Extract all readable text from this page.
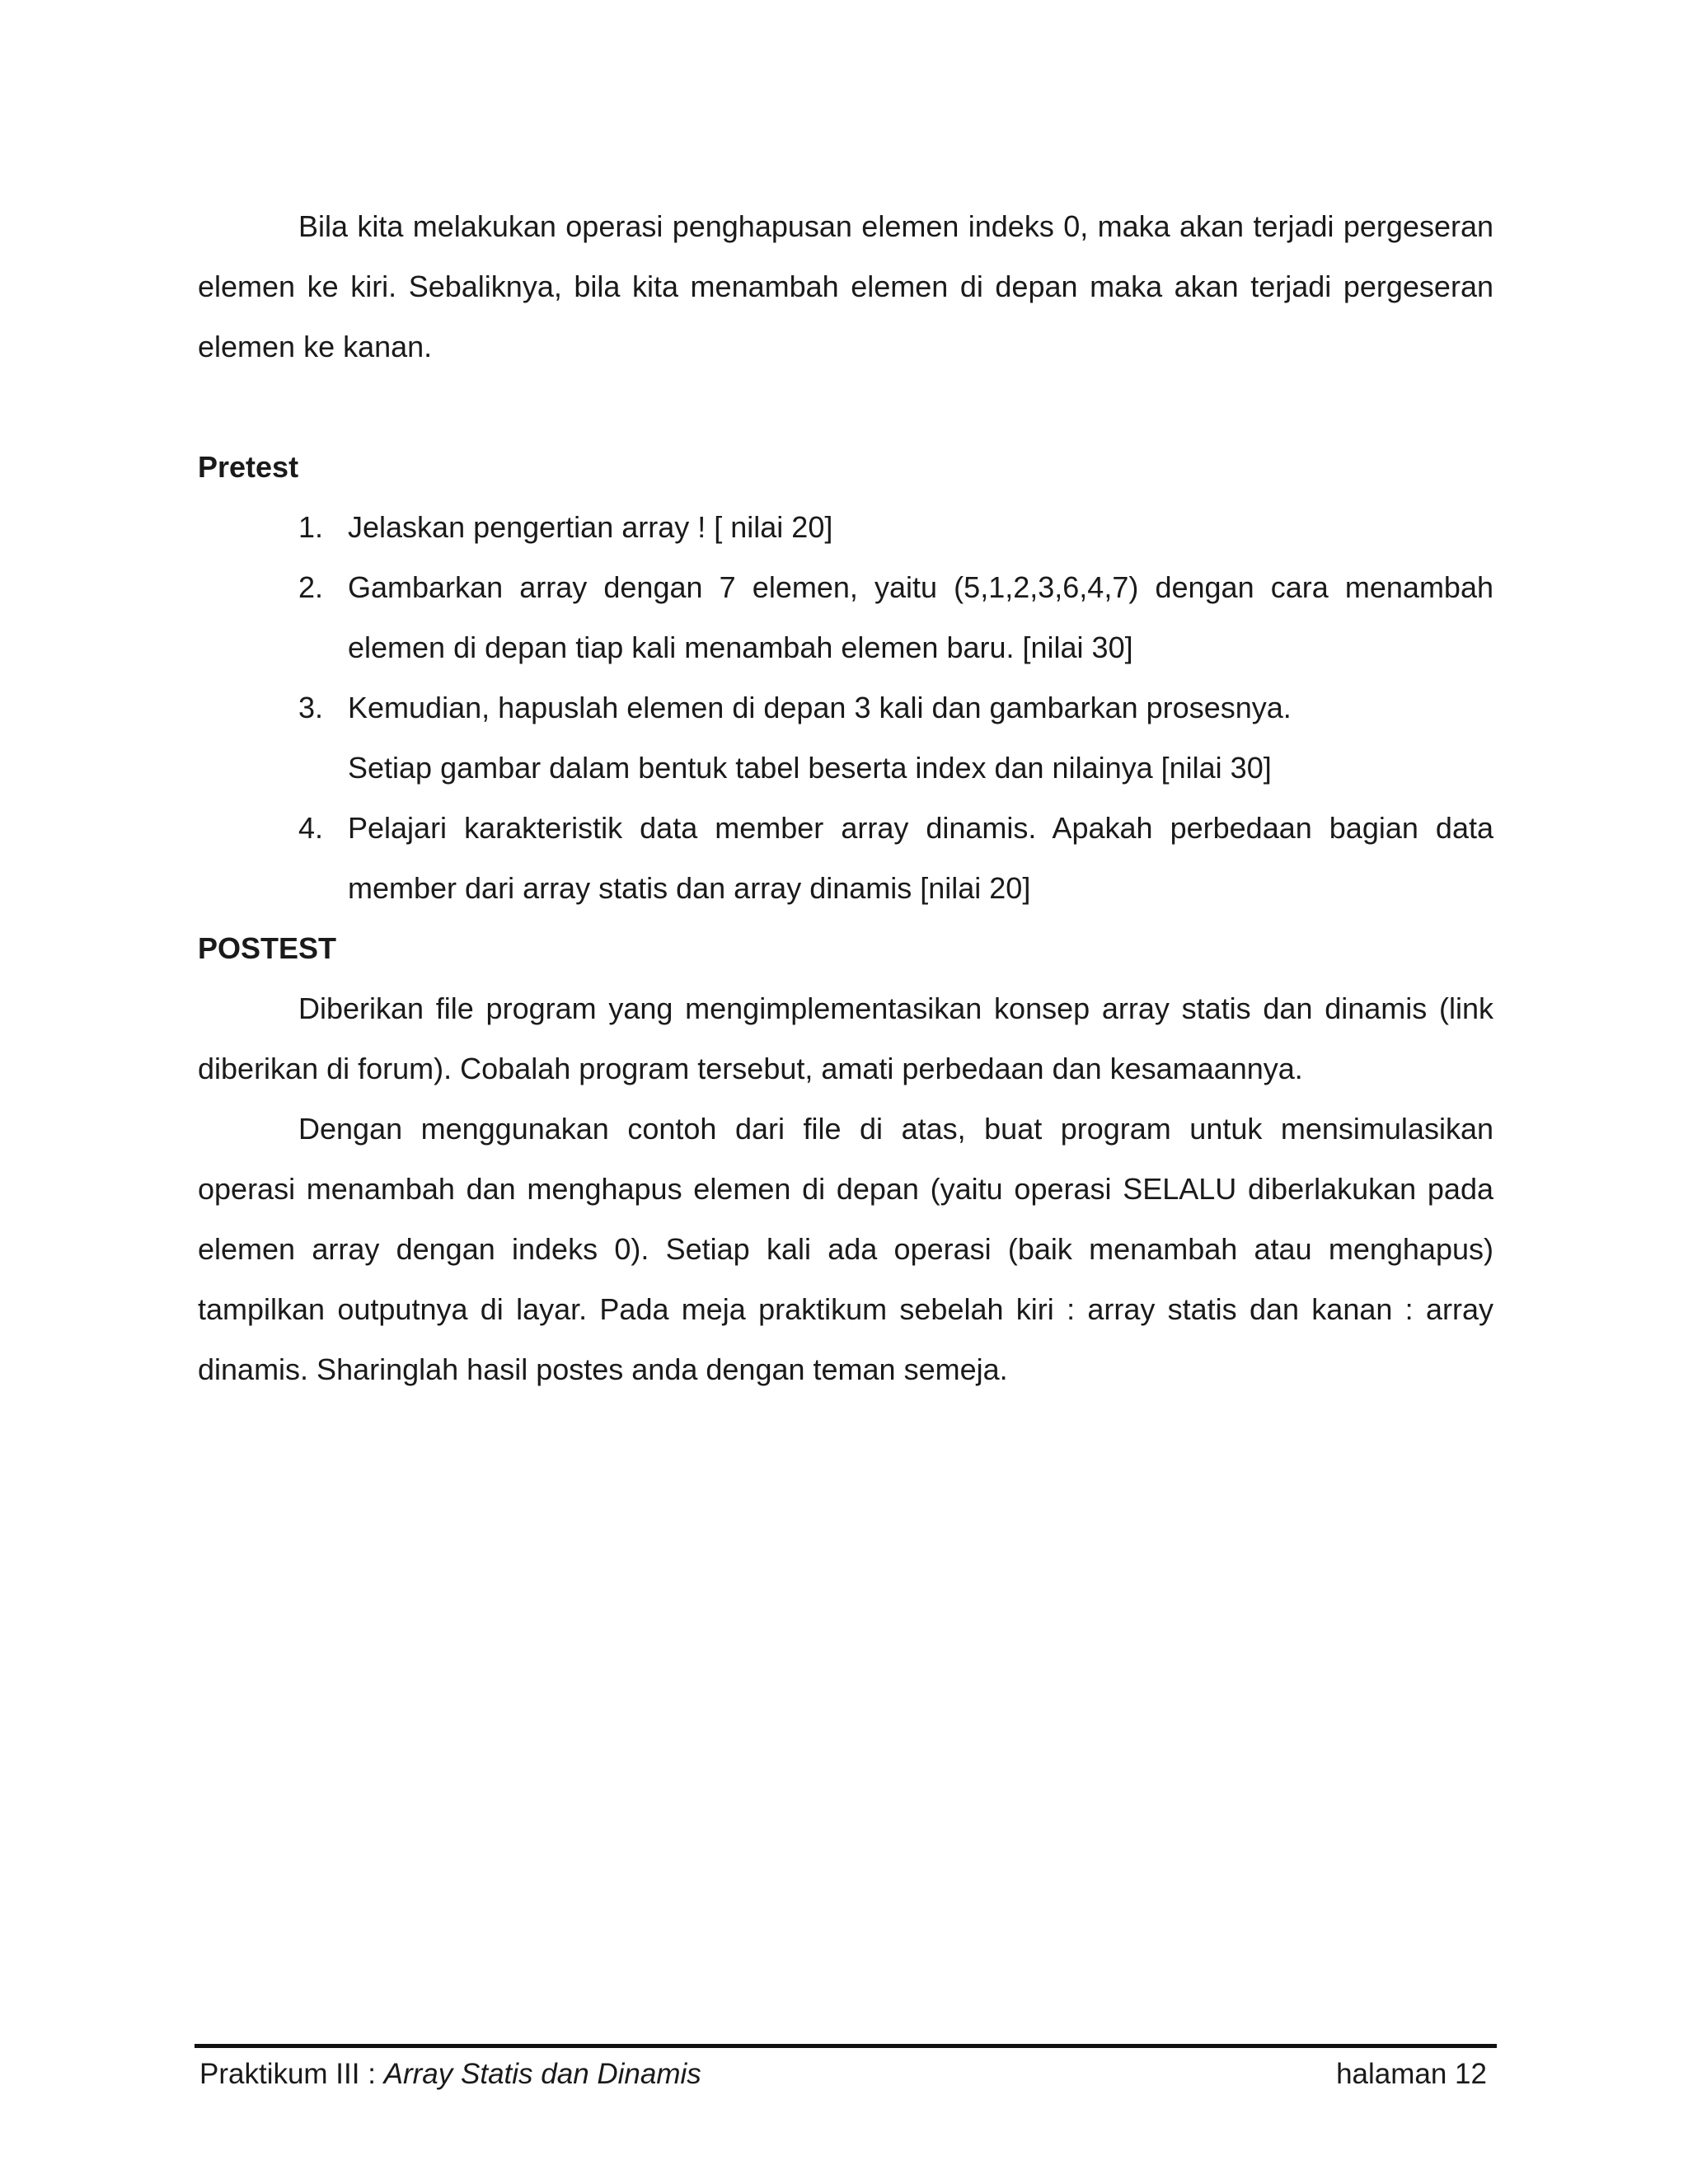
Bila kita melakukan operasi penghapusan elemen indeks 0, maka akan terjadi pergeseran elemen ke kiri. Sebaliknya, bila kita menambah elemen di depan maka akan terjadi pergeseran elemen ke kanan.

Pretest
1. Jelaskan pengertian array ! [ nilai 20]
2. Gambarkan array dengan 7 elemen, yaitu (5,1,2,3,6,4,7) dengan cara menambah elemen di depan tiap kali menambah elemen baru. [nilai 30]
3. Kemudian, hapuslah elemen di depan 3 kali dan gambarkan prosesnya.
Setiap gambar dalam bentuk tabel beserta index dan nilainya [nilai 30]
4. Pelajari karakteristik data member array dinamis. Apakah perbedaan bagian data member dari array statis dan array dinamis [nilai 20]
POSTEST

Diberikan file program yang mengimplementasikan konsep array statis dan dinamis (link diberikan di forum). Cobalah program tersebut, amati perbedaan dan kesamaannya.

Dengan menggunakan contoh dari file di atas, buat program untuk mensimulasikan operasi menambah dan menghapus elemen di depan (yaitu operasi SELALU diberlakukan pada elemen array dengan indeks 0). Setiap kali ada operasi (baik menambah atau menghapus) tampilkan outputnya di layar. Pada meja praktikum sebelah kiri : array statis dan kanan : array dinamis. Sharinglah hasil postes anda dengan teman semeja.

Praktikum III : Array Statis dan Dinamis	halaman 12
